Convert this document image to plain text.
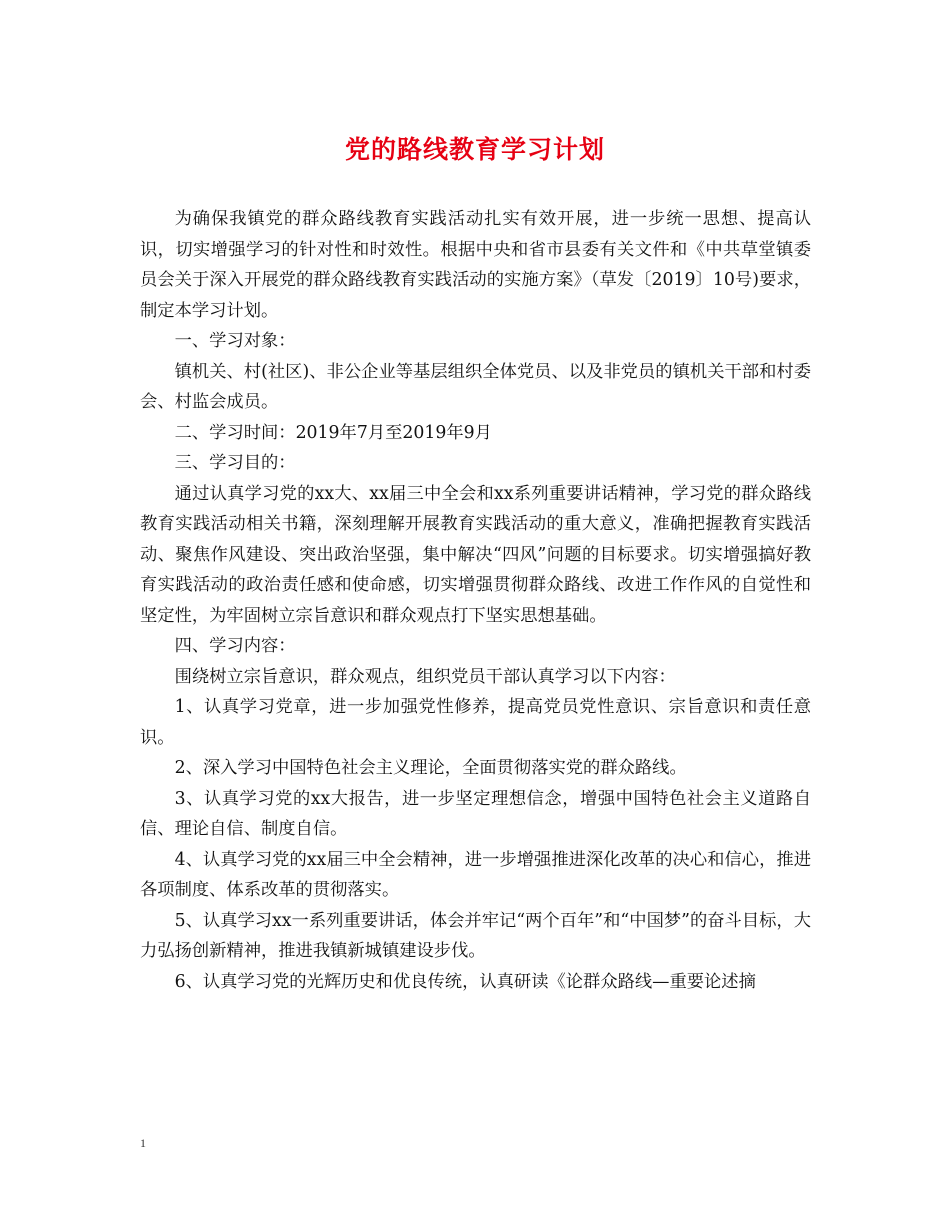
党的路线教育学习计划

为确保我镇党的群众路线教育实践活动扎实有效开展，进一步统一思想、提高认识，切实增强学习的针对性和时效性。根据中央和省市县委有关文件和《中共草堂镇委员会关于深入开展党的群众路线教育实践活动的实施方案》（草发〔2019〕10号)要求，制定本学习计划。

一、学习对象：

镇机关、村(社区)、非公企业等基层组织全体党员、以及非党员的镇机关干部和村委会、村监会成员。

二、学习时间：2019年7月至2019年9月

三、学习目的：

通过认真学习党的xx大、xx届三中全会和xx系列重要讲话精神，学习党的群众路线教育实践活动相关书籍，深刻理解开展教育实践活动的重大意义，准确把握教育实践活动、聚焦作风建设、突出政治坚强，集中解决“四风”问题的目标要求。切实增强搞好教育实践活动的政治责任感和使命感，切实增强贯彻群众路线、改进工作作风的自觉性和坚定性，为牢固树立宗旨意识和群众观点打下坚实思想基础。

四、学习内容：

围绕树立宗旨意识，群众观点，组织党员干部认真学习以下内容：

1、认真学习党章，进一步加强党性修养，提高党员党性意识、宗旨意识和责任意识。

2、深入学习中国特色社会主义理论，全面贯彻落实党的群众路线。

3、认真学习党的xx大报告，进一步坚定理想信念，增强中国特色社会主义道路自信、理论自信、制度自信。

4、认真学习党的xx届三中全会精神，进一步增强推进深化改革的决心和信心，推进各项制度、体系改革的贯彻落实。

5、认真学习xx一系列重要讲话，体会并牢记“两个百年”和“中国梦”的奋斗目标，大力弘扬创新精神，推进我镇新城镇建设步伐。

6、认真学习党的光辉历史和优良传统，认真研读《论群众路线—重要论述摘

1
